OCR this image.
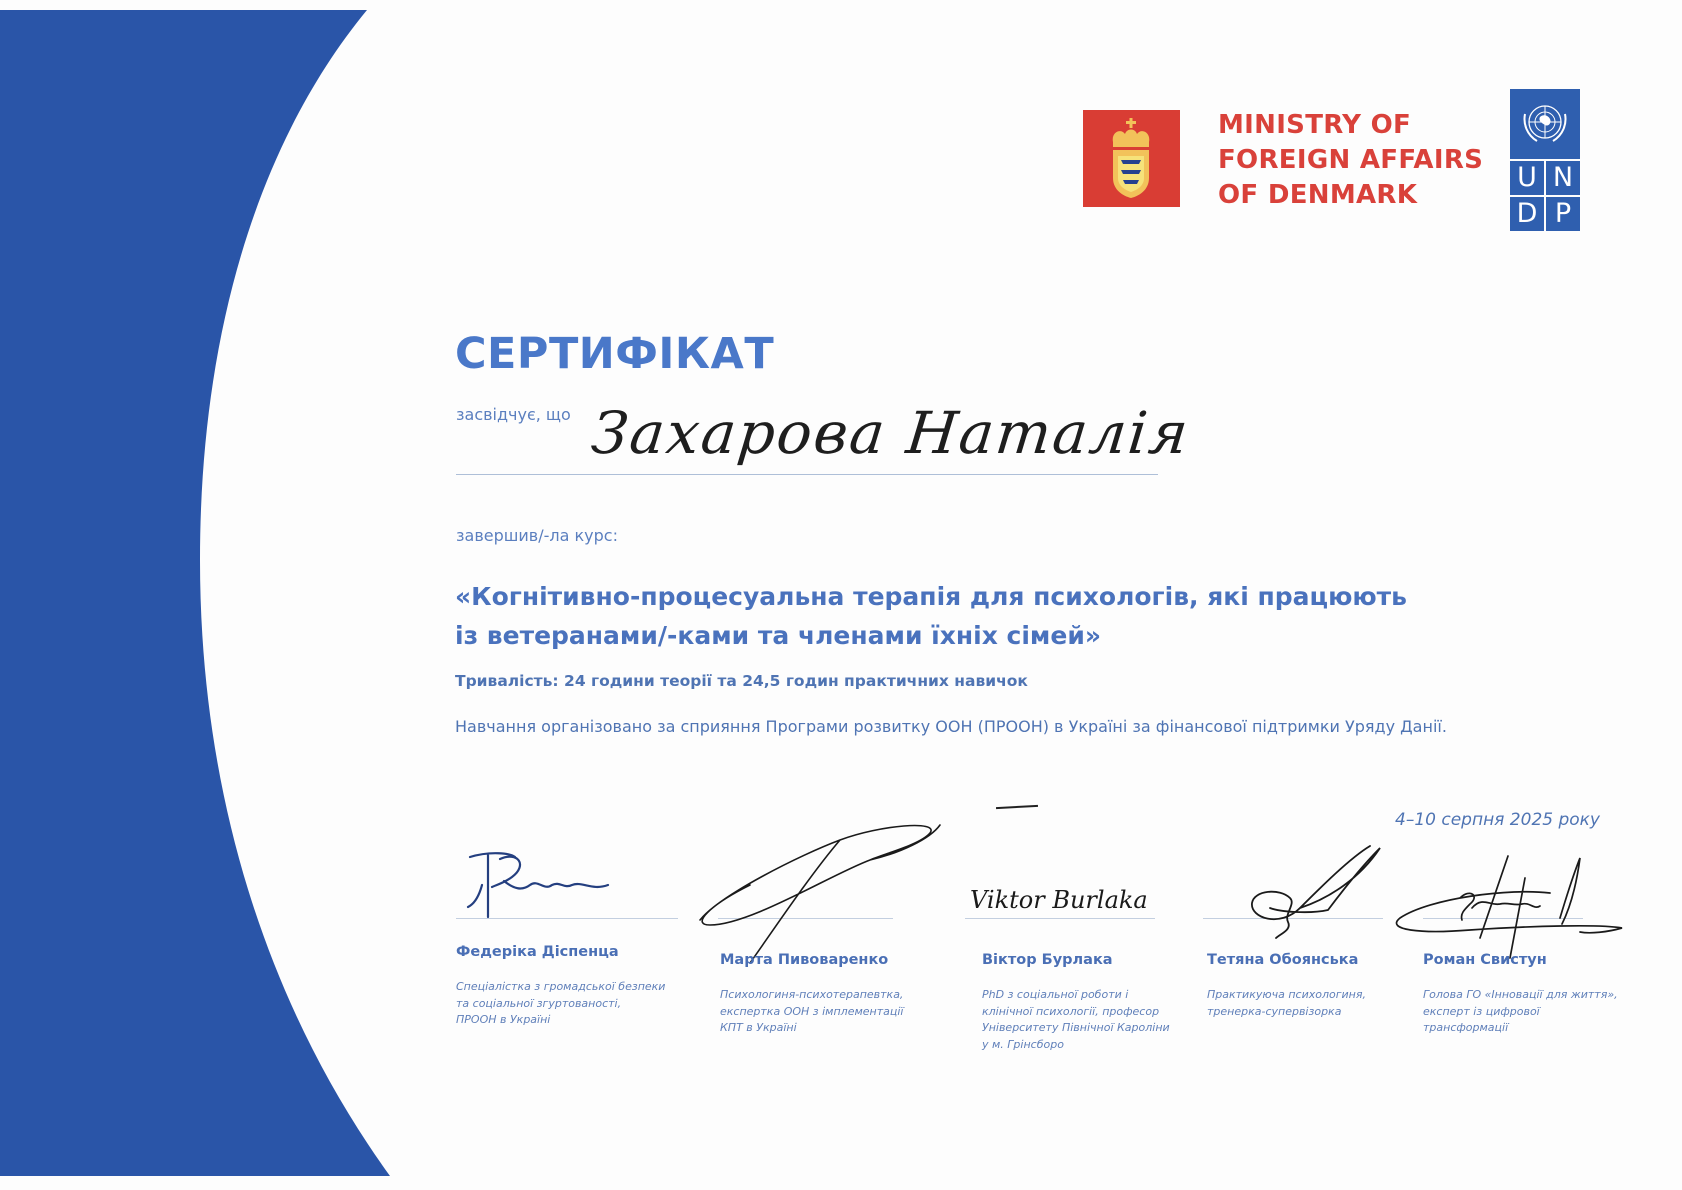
MINISTRY OF
FOREIGN AFFAIRS
OF DENMARK
U N
D P
СЕРТИФІКАТ
засвідчує, що Захарова Наталія
завершив/-ла курс:
«Когнітивно-процесуальна терапія для психологів, які працюють
із ветеранами/-ками та членами їхніх сімей»
Тривалість: 24 години теорії та 24,5 годин практичних навичок
Навчання організовано за сприяння Програми розвитку ООН (ПРООН) в Україні за фінансової підтримки Уряду Данії.
4–10 серпня 2025 року
Viktor Burlaka
Федеріка Діспенца
Спеціалістка з громадської безпеки
та соціальної згуртованості,
ПРООН в Україні
Марта Пивоваренко
Психологиня-психотерапевтка,
експертка ООН з імплементації
КПТ в Україні
Віктор Бурлака
PhD з соціальної роботи і
клінічної психології, професор
Університету Північної Кароліни
у м. Грінсборо
Тетяна Обоянська
Практикуюча психологиня,
тренерка-супервізорка
Роман Свистун
Голова ГО «Інновації для життя»,
експерт із цифрової
трансформації
